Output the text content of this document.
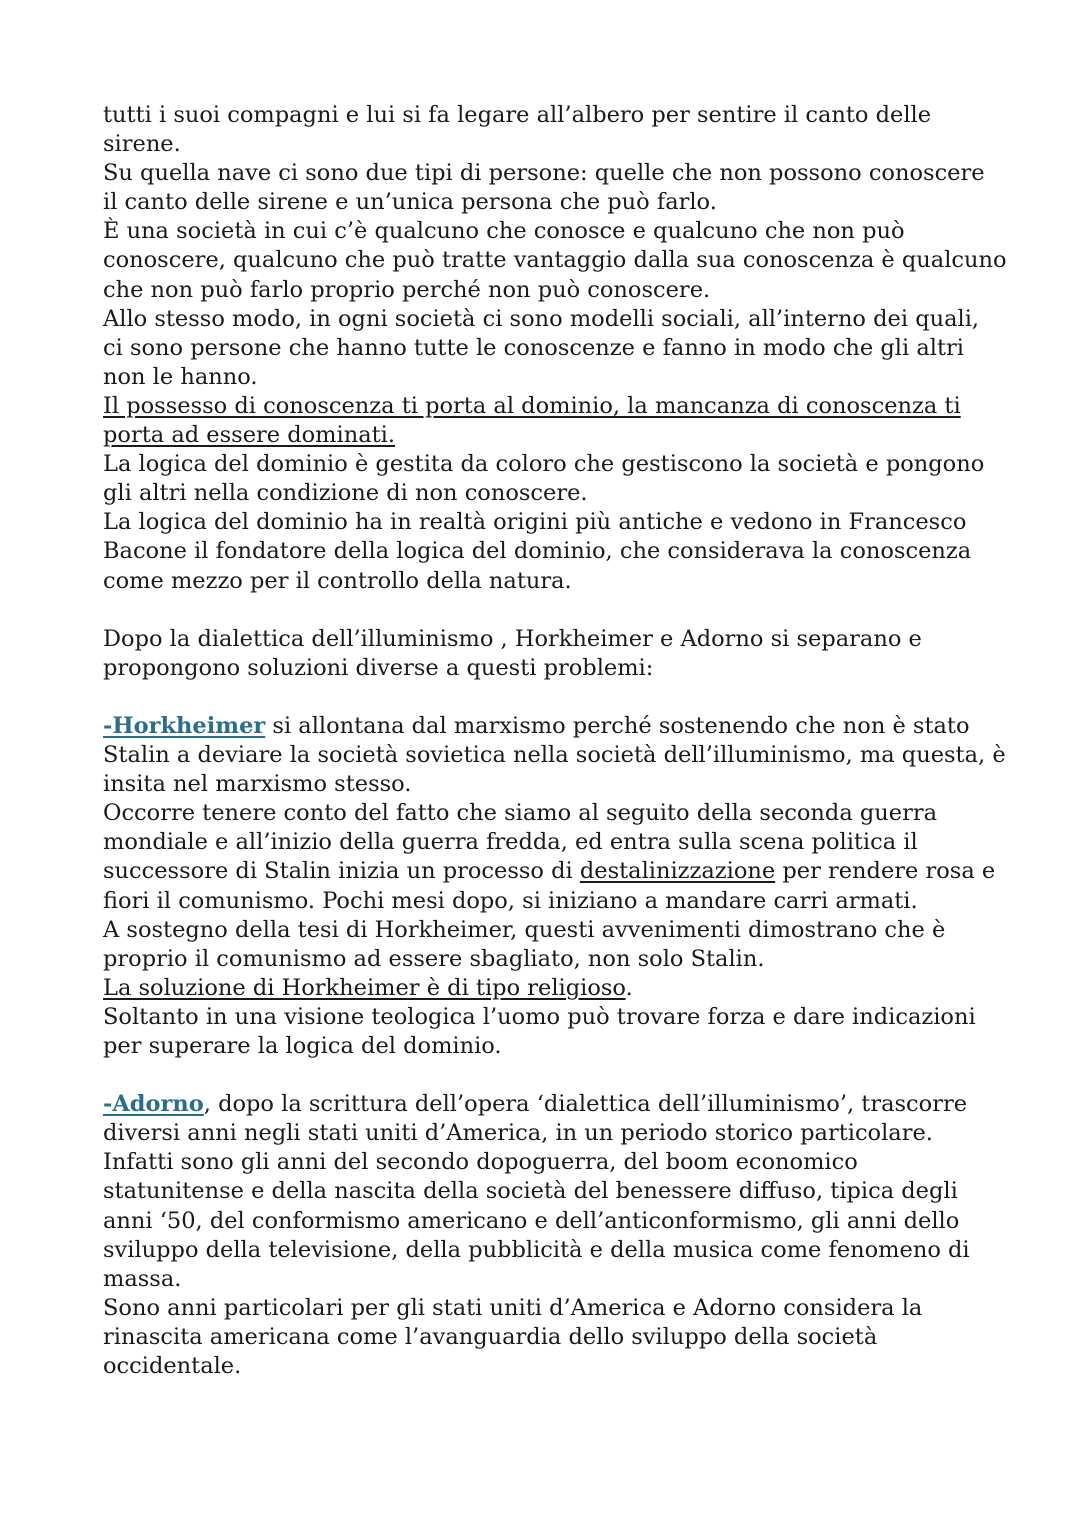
tutti i suoi compagni e lui si fa legare all’albero per sentire il canto delle
sirene.
Su quella nave ci sono due tipi di persone: quelle che non possono conoscere
il canto delle sirene e un’unica persona che può farlo.
È una società in cui c’è qualcuno che conosce e qualcuno che non può
conoscere, qualcuno che può tratte vantaggio dalla sua conoscenza è qualcuno
che non può farlo proprio perché non può conoscere.
Allo stesso modo, in ogni società ci sono modelli sociali, all’interno dei quali,
ci sono persone che hanno tutte le conoscenze e fanno in modo che gli altri
non le hanno.
Il possesso di conoscenza ti porta al dominio, la mancanza di conoscenza ti
porta ad essere dominati.
La logica del dominio è gestita da coloro che gestiscono la società e pongono
gli altri nella condizione di non conoscere.
La logica del dominio ha in realtà origini più antiche e vedono in Francesco
Bacone il fondatore della logica del dominio, che considerava la conoscenza
come mezzo per il controllo della natura.
Dopo la dialettica dell’illuminismo , Horkheimer e Adorno si separano e
propongono soluzioni diverse a questi problemi:
-Horkheimer si allontana dal marxismo perché sostenendo che non è stato
Stalin a deviare la società sovietica nella società dell’illuminismo, ma questa, è
insita nel marxismo stesso.
Occorre tenere conto del fatto che siamo al seguito della seconda guerra
mondiale e all’inizio della guerra fredda, ed entra sulla scena politica il
successore di Stalin inizia un processo di destalinizzazione per rendere rosa e
fiori il comunismo. Pochi mesi dopo, si iniziano a mandare carri armati.
A sostegno della tesi di Horkheimer, questi avvenimenti dimostrano che è
proprio il comunismo ad essere sbagliato, non solo Stalin.
La soluzione di Horkheimer è di tipo religioso.
Soltanto in una visione teologica l’uomo può trovare forza e dare indicazioni
per superare la logica del dominio.
-Adorno, dopo la scrittura dell’opera ‘dialettica dell’illuminismo’, trascorre
diversi anni negli stati uniti d’America, in un periodo storico particolare.
Infatti sono gli anni del secondo dopoguerra, del boom economico
statunitense e della nascita della società del benessere diffuso, tipica degli
anni ‘50, del conformismo americano e dell’anticonformismo, gli anni dello
sviluppo della televisione, della pubblicità e della musica come fenomeno di
massa.
Sono anni particolari per gli stati uniti d’America e Adorno considera la
rinascita americana come l’avanguardia dello sviluppo della società
occidentale.
